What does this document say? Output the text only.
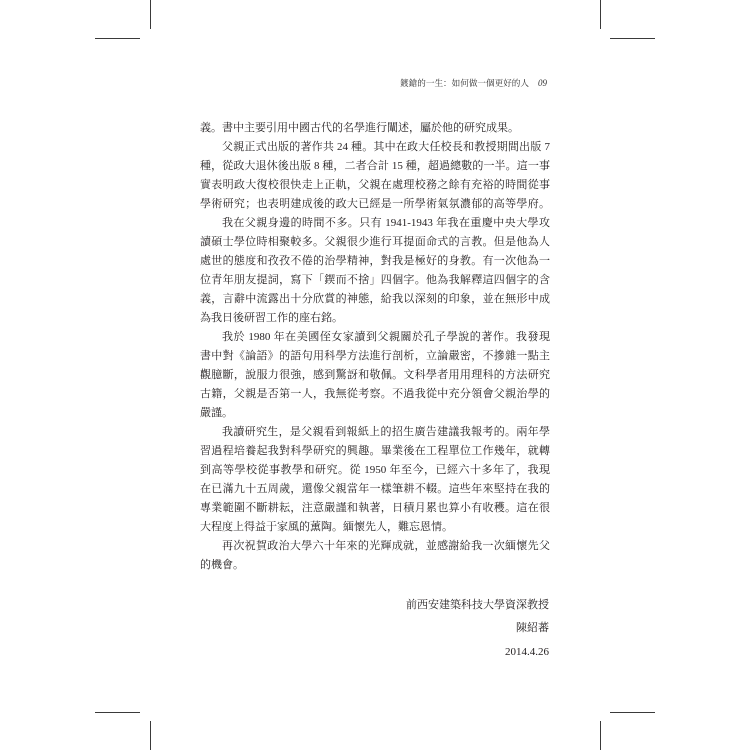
鍍鎗的一生：如何做一個更好的人 09
義。書中主要引用中國古代的名學進行闡述，屬於他的研究成果。
父親正式出版的著作共 24 種。其中在政大任校長和教授期間出版 7
種，從政大退休後出版 8 種，二者合計 15 種，超過總數的一半。這一事
實表明政大復校很快走上正軌，父親在處理校務之餘有充裕的時間從事
學術研究；也表明建成後的政大已經是一所學術氣氛濃郁的高等學府。
我在父親身邊的時間不多。只有 1941-1943 年我在重慶中央大學攻
讀碩士學位時相聚較多。父親很少進行耳提面命式的言教。但是他為人
處世的態度和孜孜不倦的治學精神，對我是極好的身教。有一次他為一
位青年朋友提詞，寫下「鍥而不捨」四個字。他為我解釋這四個字的含
義，言辭中流露出十分欣賞的神態，給我以深刻的印象，並在無形中成
為我日後研習工作的座右銘。
我於 1980 年在美國侄女家讀到父親關於孔子學說的著作。我發現
書中對《論語》的語句用科學方法進行剖析，立論嚴密，不摻雜一點主
觀臆斷，說服力很強，感到驚訝和敬佩。文科學者用用理科的方法研究
古籍，父親是否第一人，我無從考察。不過我從中充分領會父親治學的
嚴謹。
我讀研究生，是父親看到報紙上的招生廣告建議我報考的。兩年學
習過程培養起我對科學研究的興趣。畢業後在工程單位工作幾年，就轉
到高等學校從事教學和研究。從 1950 年至今，已經六十多年了，我現
在已滿九十五周歲，還像父親當年一樣筆耕不輟。這些年來堅持在我的
專業範圍不斷耕耘，注意嚴謹和執著，日積月累也算小有收穫。這在很
大程度上得益于家風的薰陶。緬懷先人，難忘恩情。
再次祝賀政治大學六十年來的光輝成就，並感謝給我一次緬懷先父
的機會。
前西安建築科技大學資深教授
陳紹蕃
2014.4.26
